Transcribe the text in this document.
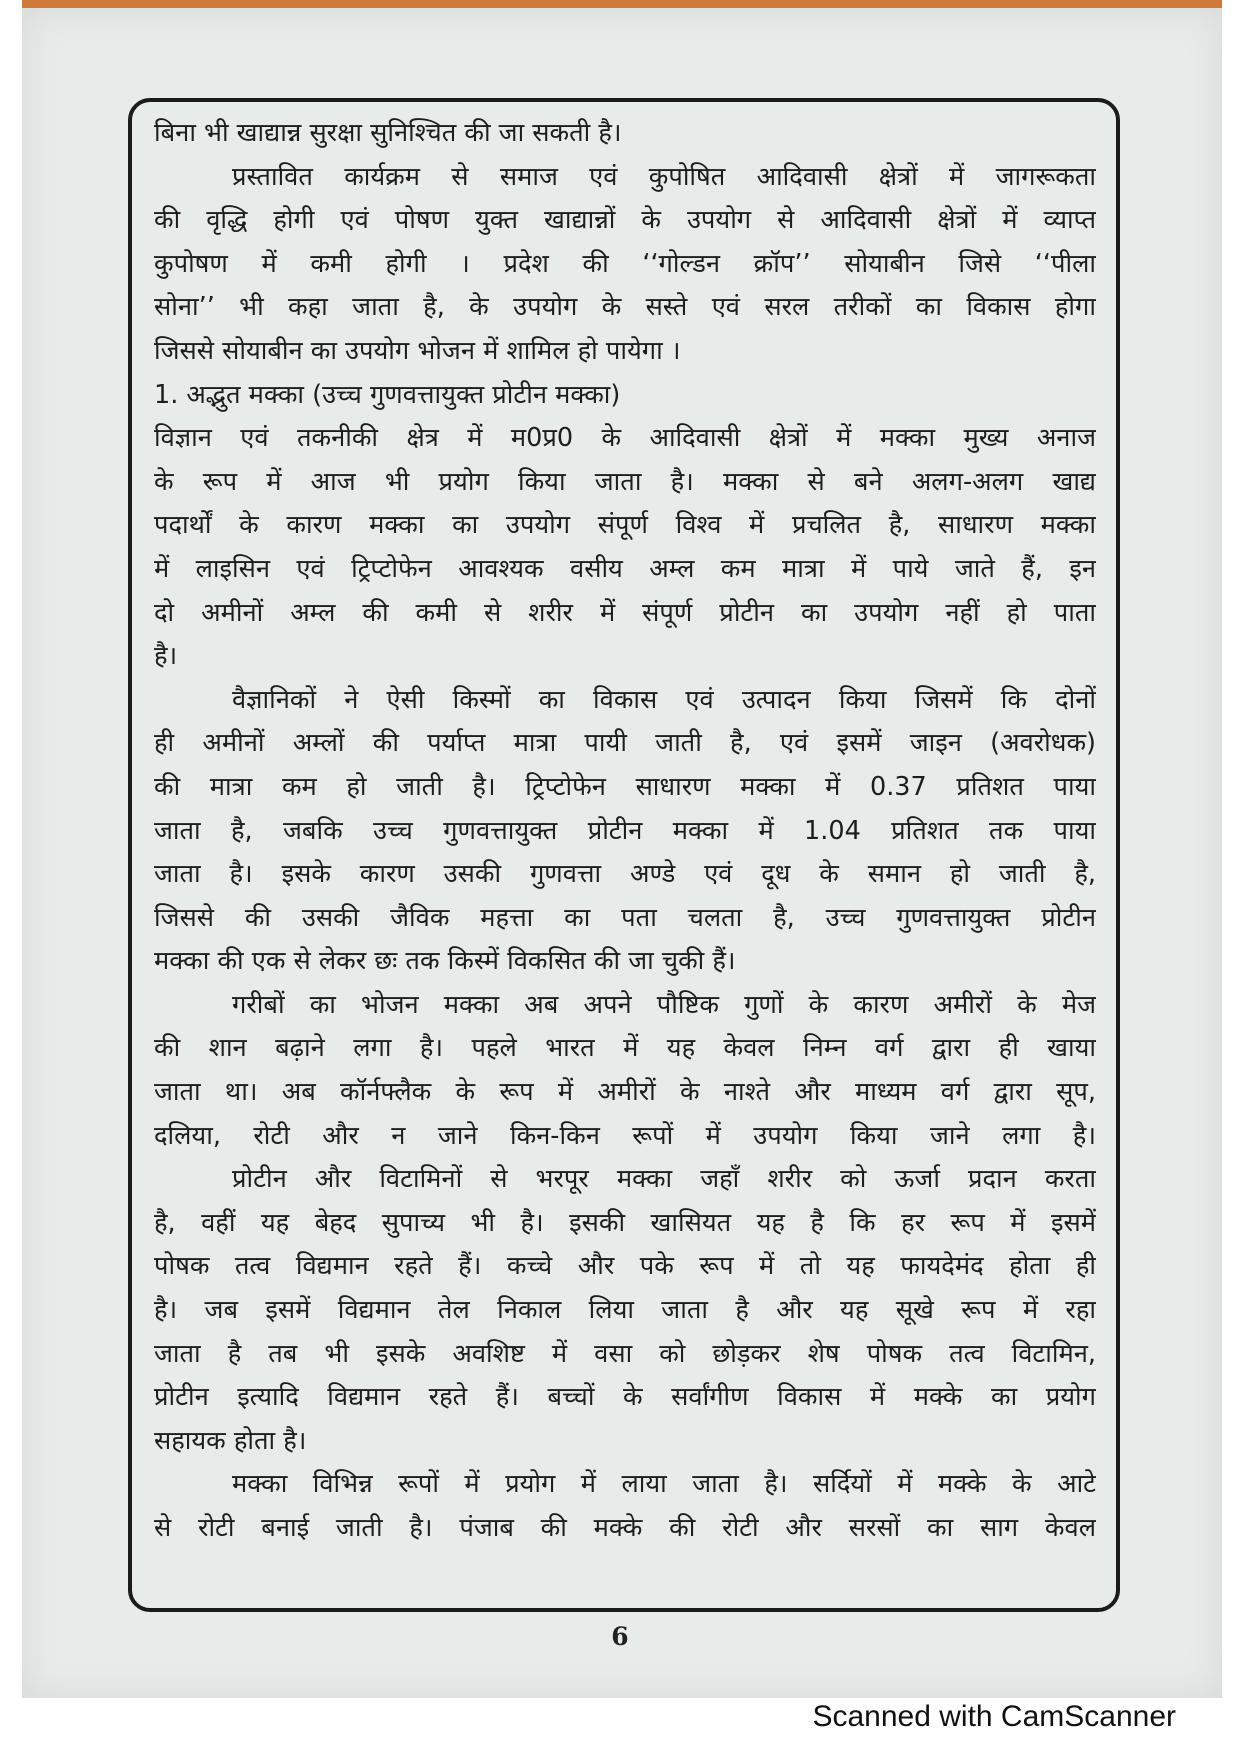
बिना भी खाद्यान्न सुरक्षा सुनिश्चित की जा सकती है।
प्रस्तावित कार्यक्रम से समाज एवं कुपोषित आदिवासी क्षेत्रों में जागरूकता
की वृद्धि होगी एवं पोषण युक्त खाद्यान्नों के उपयोग से आदिवासी क्षेत्रों में व्याप्त
कुपोषण में कमी होगी । प्रदेश की ‘‘गोल्डन क्रॉप’’ सोयाबीन जिसे ‘‘पीला
सोना’’ भी कहा जाता है, के उपयोग के सस्ते एवं सरल तरीकों का विकास होगा
जिससे सोयाबीन का उपयोग भोजन में शामिल हो पायेगा ।
1. अद्भुत मक्का (उच्च गुणवत्तायुक्त प्रोटीन मक्का)
विज्ञान एवं तकनीकी क्षेत्र में म0प्र0 के आदिवासी क्षेत्रों में मक्का मुख्य अनाज
के रूप में आज भी प्रयोग किया जाता है। मक्का से बने अलग-अलग खाद्य
पदार्थों के कारण मक्का का उपयोग संपूर्ण विश्व में प्रचलित है, साधारण मक्का
में लाइसिन एवं ट्रिप्टोफेन आवश्यक वसीय अम्ल कम मात्रा में पाये जाते हैं, इन
दो अमीनों अम्ल की कमी से शरीर में संपूर्ण प्रोटीन का उपयोग नहीं हो पाता
है।
वैज्ञानिकों ने ऐसी किस्मों का विकास एवं उत्पादन किया जिसमें कि दोनों
ही अमीनों अम्लों की पर्याप्त मात्रा पायी जाती है, एवं इसमें जाइन (अवरोधक)
की मात्रा कम हो जाती है। ट्रिप्टोफेन साधारण मक्का में 0.37 प्रतिशत पाया
जाता है, जबकि उच्च गुणवत्तायुक्त प्रोटीन मक्का में 1.04 प्रतिशत तक पाया
जाता है। इसके कारण उसकी गुणवत्ता अण्डे एवं दूध के समान हो जाती है,
जिससे की उसकी जैविक महत्ता का पता चलता है, उच्च गुणवत्तायुक्त प्रोटीन
मक्का की एक से लेकर छः तक किस्में विकसित की जा चुकी हैं।
गरीबों का भोजन मक्का अब अपने पौष्टिक गुणों के कारण अमीरों के मेज
की शान बढ़ाने लगा है। पहले भारत में यह केवल निम्न वर्ग द्वारा ही खाया
जाता था। अब कॉर्नफ्लैक के रूप में अमीरों के नाश्ते और माध्यम वर्ग द्वारा सूप,
दलिया, रोटी और न जाने किन-किन रूपों में उपयोग किया जाने लगा है।
प्रोटीन और विटामिनों से भरपूर मक्का जहाँ शरीर को ऊर्जा प्रदान करता
है, वहीं यह बेहद सुपाच्य भी है। इसकी खासियत यह है कि हर रूप में इसमें
पोषक तत्व विद्यमान रहते हैं। कच्चे और पके रूप में तो यह फायदेमंद होता ही
है। जब इसमें विद्यमान तेल निकाल लिया जाता है और यह सूखे रूप में रहा
जाता है तब भी इसके अवशिष्ट में वसा को छोड़कर शेष पोषक तत्व विटामिन,
प्रोटीन इत्यादि विद्यमान रहते हैं। बच्चों के सर्वांगीण विकास में मक्के का प्रयोग
सहायक होता है।
मक्का विभिन्न रूपों में प्रयोग में लाया जाता है। सर्दियों में मक्के के आटे
से रोटी बनाई जाती है। पंजाब की मक्के की रोटी और सरसों का साग केवल
6
Scanned with CamScanner
